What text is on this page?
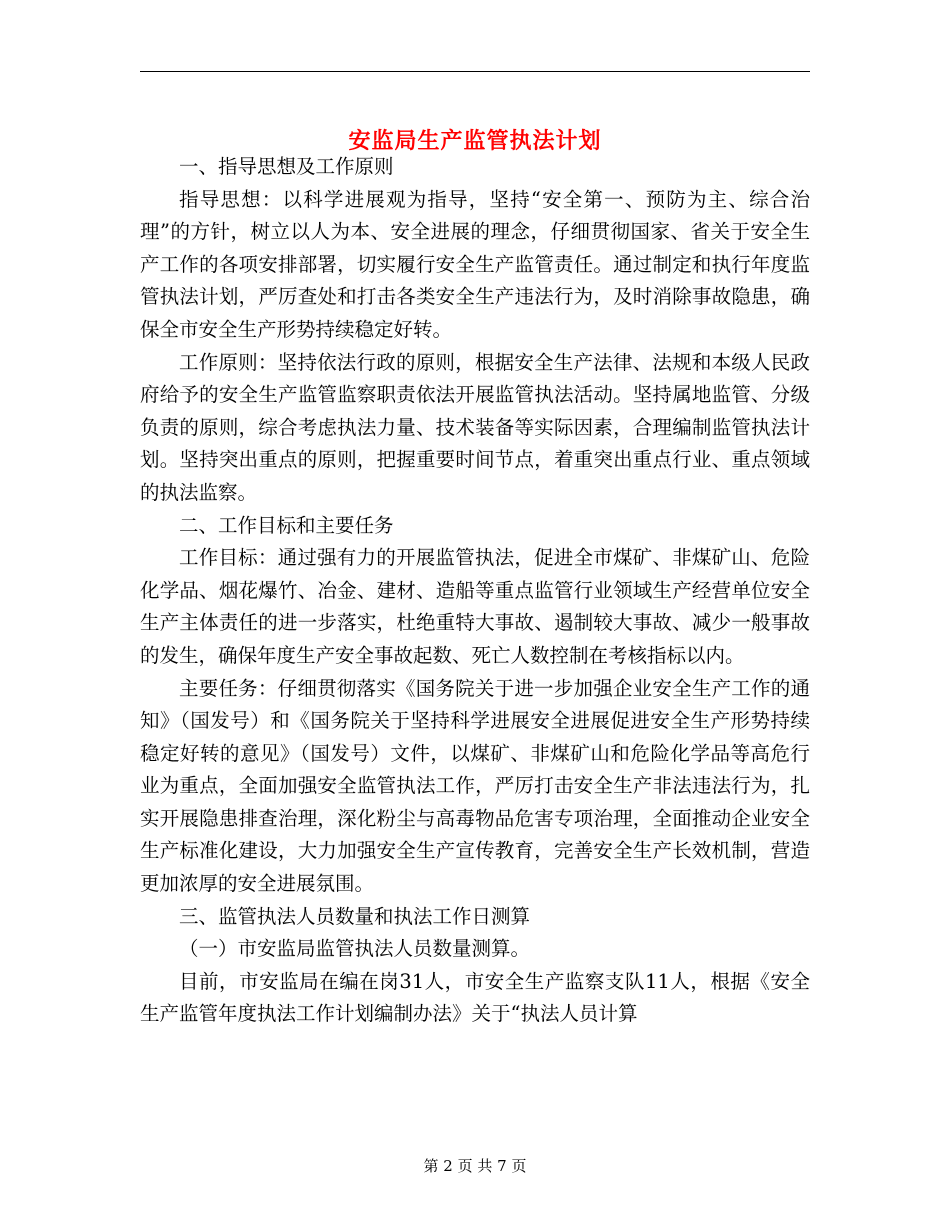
安监局生产监管执法计划

一、指导思想及工作原则

指导思想：以科学进展观为指导，坚持“安全第一、预防为主、综合治理”的方针，树立以人为本、安全进展的理念，仔细贯彻国家、省关于安全生产工作的各项安排部署，切实履行安全生产监管责任。通过制定和执行年度监管执法计划，严厉查处和打击各类安全生产违法行为，及时消除事故隐患，确保全市安全生产形势持续稳定好转。

工作原则：坚持依法行政的原则，根据安全生产法律、法规和本级人民政府给予的安全生产监管监察职责依法开展监管执法活动。坚持属地监管、分级负责的原则，综合考虑执法力量、技术装备等实际因素，合理编制监管执法计划。坚持突出重点的原则，把握重要时间节点，着重突出重点行业、重点领域的执法监察。

二、工作目标和主要任务

工作目标：通过强有力的开展监管执法，促进全市煤矿、非煤矿山、危险化学品、烟花爆竹、冶金、建材、造船等重点监管行业领域生产经营单位安全生产主体责任的进一步落实，杜绝重特大事故、遏制较大事故、减少一般事故的发生，确保年度生产安全事故起数、死亡人数控制在考核指标以内。

主要任务：仔细贯彻落实《国务院关于进一步加强企业安全生产工作的通知》（国发号）和《国务院关于坚持科学进展安全进展促进安全生产形势持续稳定好转的意见》（国发号）文件，以煤矿、非煤矿山和危险化学品等高危行业为重点，全面加强安全监管执法工作，严厉打击安全生产非法违法行为，扎实开展隐患排查治理，深化粉尘与高毒物品危害专项治理，全面推动企业安全生产标准化建设，大力加强安全生产宣传教育，完善安全生产长效机制，营造更加浓厚的安全进展氛围。

三、监管执法人员数量和执法工作日测算

（一）市安监局监管执法人员数量测算。

目前，市安监局在编在岗31人，市安全生产监察支队11人，根据《安全生产监管年度执法工作计划编制办法》关于“执法人员计算

第 2 页 共 7 页
